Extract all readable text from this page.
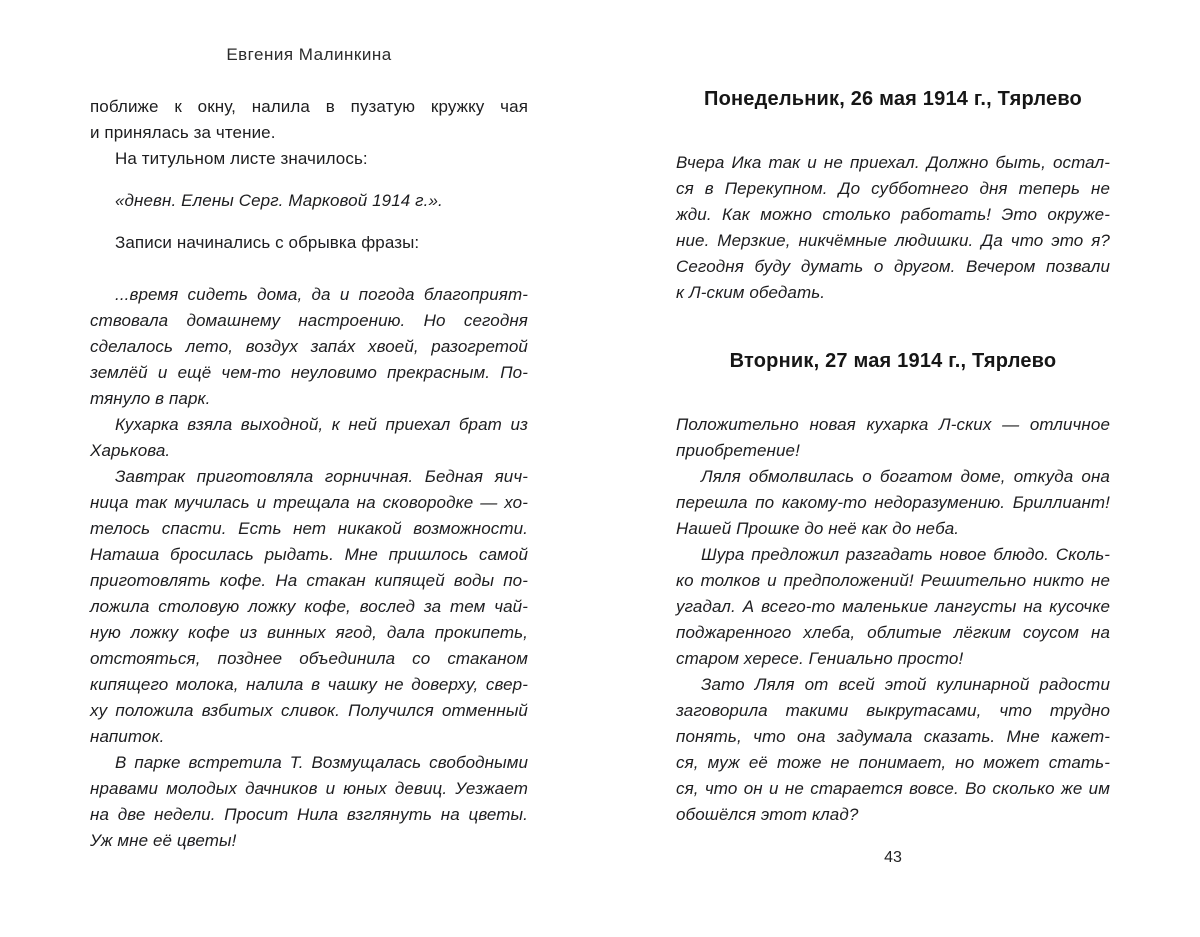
Евгения Малинкина
поближе к окну, налила в пузатую кружку чая
и принялась за чтение.
На титульном листе значилось:
«дневн. Елены Серг. Марковой 1914 г.».
Записи начинались с обрывка фразы:
...время сидеть дома, да и погода благоприят-
ствовала домашнему настроению. Но сегодня
сделалось лето, воздух запа́х хвоей, разогретой
землёй и ещё чем-то неуловимо прекрасным. По-
тянуло в парк.
Кухарка взяла выходной, к ней приехал брат из
Харькова.
Завтрак приготовляла горничная. Бедная яич-
ница так мучилась и трещала на сковородке — хо-
телось спасти. Есть нет никакой возможности.
Наташа бросилась рыдать. Мне пришлось самой
приготовлять кофе. На стакан кипящей воды по-
ложила столовую ложку кофе, вослед за тем чай-
ную ложку кофе из винных ягод, дала прокипеть,
отстояться, позднее объединила со стаканом
кипящего молока, налила в чашку не доверху, свер-
ху положила взбитых сливок. Получился отменный
напиток.
В парке встретила Т. Возмущалась свободными
нравами молодых дачников и юных девиц. Уезжает
на две недели. Просит Нила взглянуть на цветы.
Уж мне её цветы!
Понедельник, 26 мая 1914 г., Тярлево
Вчера Ика так и не приехал. Должно быть, остал-
ся в Перекупном. До субботнего дня теперь не
жди. Как можно столько работать! Это окруже-
ние. Мерзкие, никчёмные людишки. Да что это я?
Сегодня буду думать о другом. Вечером позвали
к Л-ским обедать.
Вторник, 27 мая 1914 г., Тярлево
Положительно новая кухарка Л-ских — отличное
приобретение!
Ляля обмолвилась о богатом доме, откуда она
перешла по какому-то недоразумению. Бриллиант!
Нашей Прошке до неё как до неба.
Шура предложил разгадать новое блюдо. Сколь-
ко толков и предположений! Решительно никто не
угадал. А всего-то маленькие лангусты на кусочке
поджаренного хлеба, облитые лёгким соусом на
старом хересе. Гениально просто!
Зато Ляля от всей этой кулинарной радости
заговорила такими выкрутасами, что трудно
понять, что она задумала сказать. Мне кажет-
ся, муж её тоже не понимает, но может стать-
ся, что он и не старается вовсе. Во сколько же им
обошёлся этот клад?
43
